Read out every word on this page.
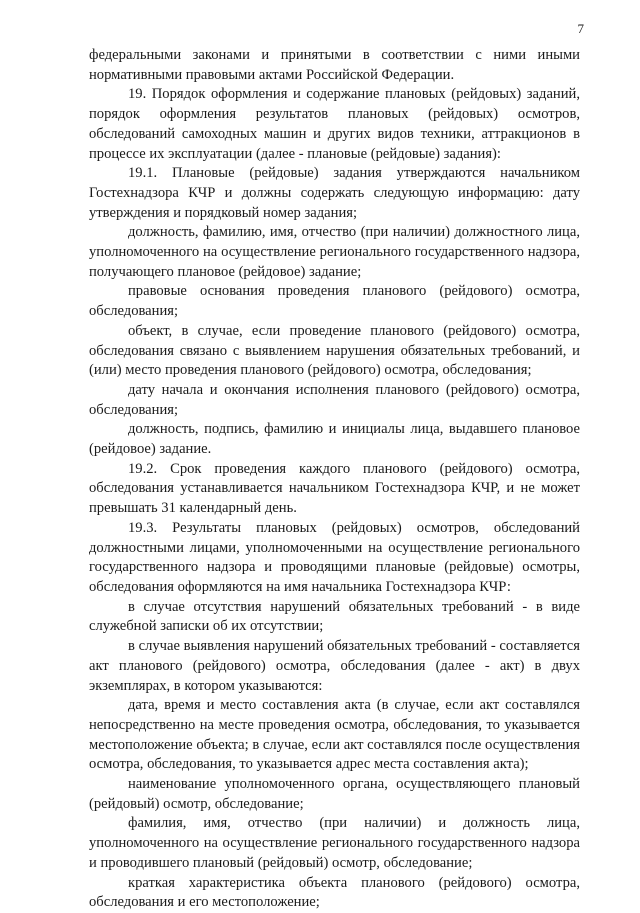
7

федеральными законами и принятыми в соответствии с ними иными нормативными правовыми актами Российской Федерации.

19. Порядок оформления и содержание плановых (рейдовых) заданий, порядок оформления результатов плановых (рейдовых) осмотров, обследований самоходных машин и других видов техники, аттракционов в процессе их эксплуатации (далее - плановые (рейдовые) задания):

19.1. Плановые (рейдовые) задания утверждаются начальником Гостехнадзора КЧР и должны содержать следующую информацию: дату утверждения и порядковый номер задания;

должность, фамилию, имя, отчество (при наличии) должностного лица, уполномоченного на осуществление регионального государственного надзора, получающего плановое (рейдовое) задание;

правовые основания проведения планового (рейдового) осмотра, обследования;

объект, в случае, если проведение планового (рейдового) осмотра, обследования связано с выявлением нарушения обязательных требований, и (или) место проведения планового (рейдового) осмотра, обследования;

дату начала и окончания исполнения планового (рейдового) осмотра, обследования;

должность, подпись, фамилию и инициалы лица, выдавшего плановое (рейдовое) задание.

19.2. Срок проведения каждого планового (рейдового) осмотра, обследования устанавливается начальником Гостехнадзора КЧР, и не может превышать 31 календарный день.

19.3. Результаты плановых (рейдовых) осмотров, обследований должностными лицами, уполномоченными на осуществление регионального государственного надзора и проводящими плановые (рейдовые) осмотры, обследования оформляются на имя начальника Гостехнадзора КЧР:

в случае отсутствия нарушений обязательных требований - в виде служебной записки об их отсутствии;

в случае выявления нарушений обязательных требований - составляется акт планового (рейдового) осмотра, обследования (далее - акт) в двух экземплярах, в котором указываются:

дата, время и место составления акта (в случае, если акт составлялся непосредственно на месте проведения осмотра, обследования, то указывается местоположение объекта; в случае, если акт составлялся после осуществления осмотра, обследования, то указывается адрес места составления акта);

наименование уполномоченного органа, осуществляющего плановый (рейдовый) осмотр, обследование;

фамилия, имя, отчество (при наличии) и должность лица, уполномоченного на осуществление регионального государственного надзора и проводившего плановый (рейдовый) осмотр, обследование;

краткая характеристика объекта планового (рейдового) осмотра, обследования и его местоположение;
